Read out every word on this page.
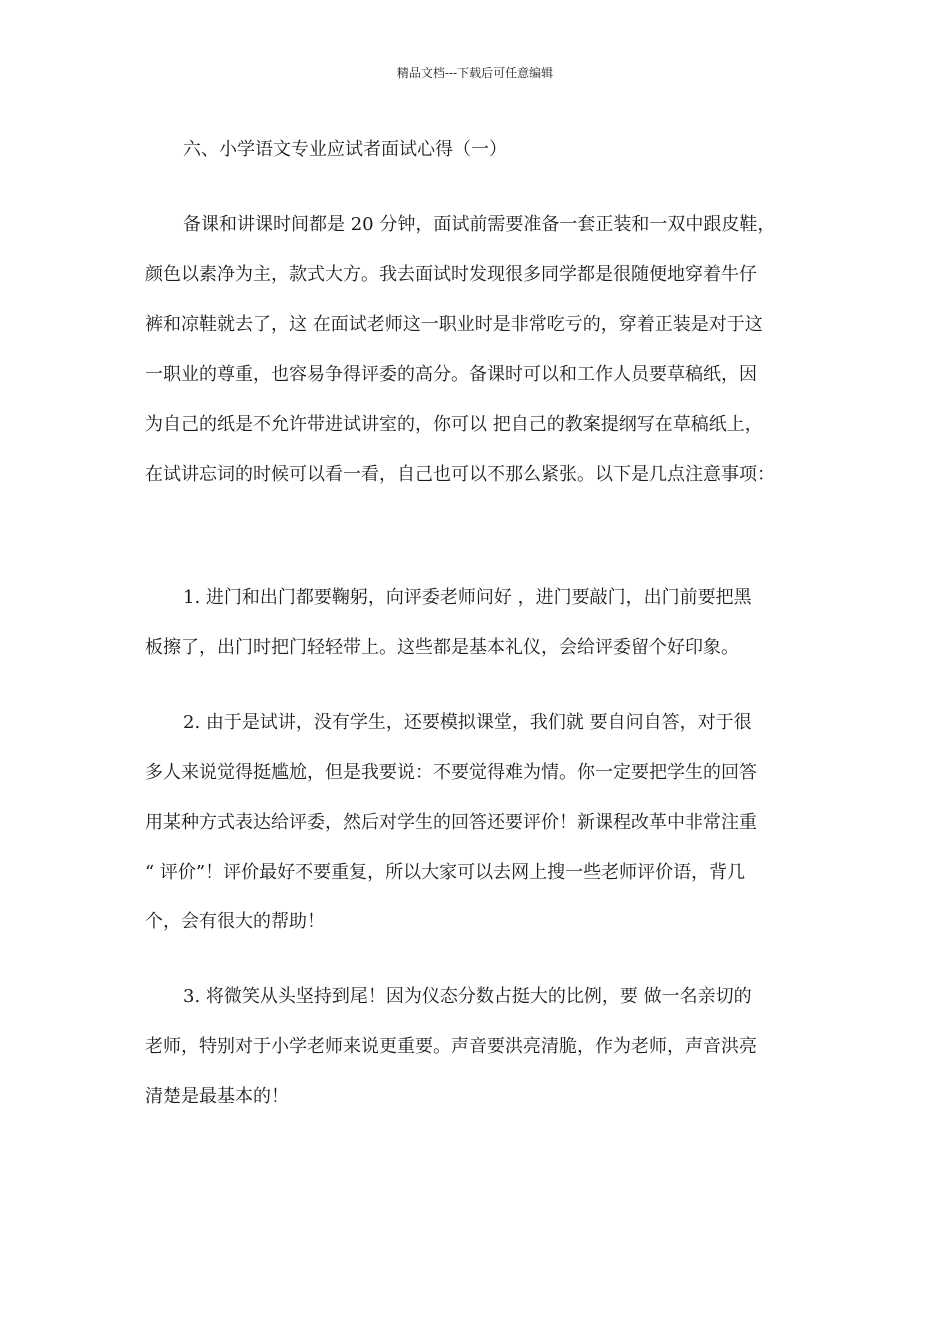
精品文档---下载后可任意编辑
六、小学语文专业应试者面试心得（一）
备课和讲课时间都是 20 分钟，面试前需要准备一套正装和一双中跟皮鞋，
颜色以素净为主，款式大方。我去面试时发现很多同学都是很随便地穿着牛仔
裤和凉鞋就去了，这 在面试老师这一职业时是非常吃亏的，穿着正装是对于这
一职业的尊重，也容易争得评委的高分。备课时可以和工作人员要草稿纸，因
为自己的纸是不允许带进试讲室的，你可以 把自己的教案提纲写在草稿纸上，
在试讲忘词的时候可以看一看，自己也可以不那么紧张。以下是几点注意事项：
1. 进门和出门都要鞠躬，向评委老师问好 ，进门要敲门，出门前要把黑
板擦了，出门时把门轻轻带上。这些都是基本礼仪，会给评委留个好印象。
2. 由于是试讲，没有学生，还要模拟课堂，我们就 要自问自答，对于很
多人来说觉得挺尴尬，但是我要说：不要觉得难为情。你一定要把学生的回答
用某种方式表达给评委，然后对学生的回答还要评价！新课程改革中非常注重
“ 评价”！评价最好不要重复，所以大家可以去网上搜一些老师评价语，背几
个，会有很大的帮助！
3. 将微笑从头坚持到尾！因为仪态分数占挺大的比例，要 做一名亲切的
老师，特别对于小学老师来说更重要。声音要洪亮清脆，作为老师，声音洪亮
清楚是最基本的！
